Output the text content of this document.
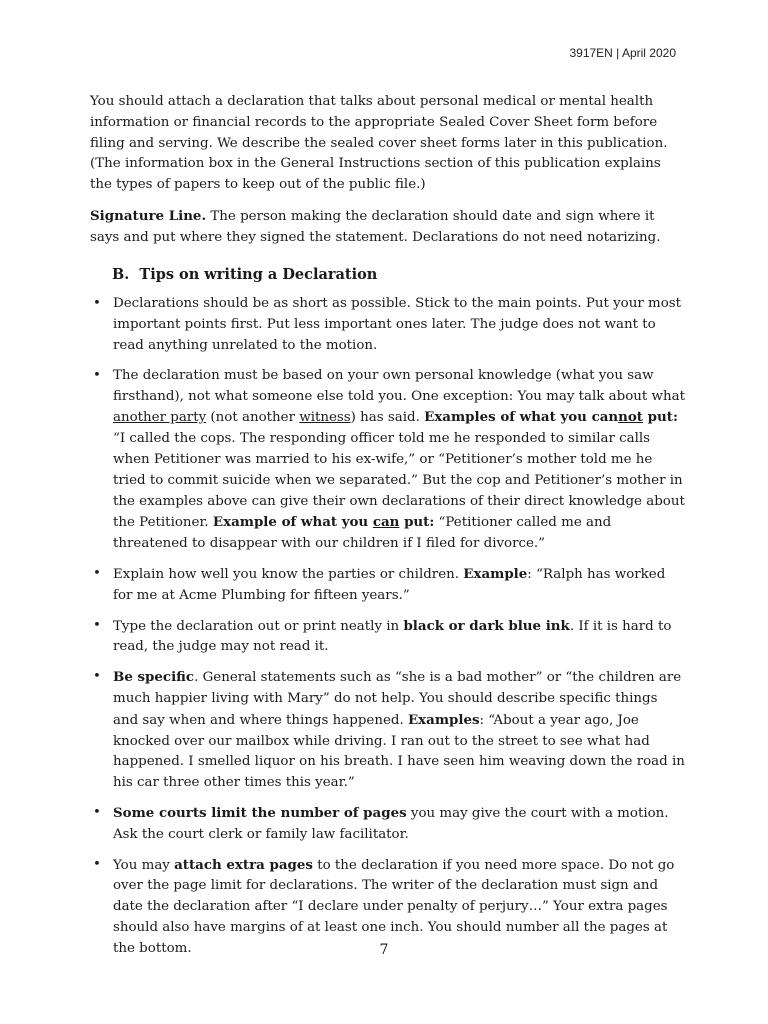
3917EN | April 2020

You should attach a declaration that talks about personal medical or mental health information or financial records to the appropriate Sealed Cover Sheet form before filing and serving. We describe the sealed cover sheet forms later in this publication. (The information box in the General Instructions section of this publication explains the types of papers to keep out of the public file.)

Signature Line. The person making the declaration should date and sign where it says and put where they signed the statement. Declarations do not need notarizing.

B.  Tips on writing a Declaration
• Declarations should be as short as possible. Stick to the main points. Put your most important points first. Put less important ones later. The judge does not want to read anything unrelated to the motion.
• The declaration must be based on your own personal knowledge (what you saw firsthand), not what someone else told you. One exception: You may talk about what another party (not another witness) has said. Examples of what you cannot put: “I called the cops. The responding officer told me he responded to similar calls when Petitioner was married to his ex-wife,” or “Petitioner’s mother told me he tried to commit suicide when we separated.” But the cop and Petitioner’s mother in the examples above can give their own declarations of their direct knowledge about the Petitioner. Example of what you can put: “Petitioner called me and threatened to disappear with our children if I filed for divorce.”
• Explain how well you know the parties or children. Example: “Ralph has worked for me at Acme Plumbing for fifteen years.”
• Type the declaration out or print neatly in black or dark blue ink. If it is hard to read, the judge may not read it.
• Be specific. General statements such as “she is a bad mother” or “the children are much happier living with Mary” do not help. You should describe specific things and say when and where things happened. Examples: “About a year ago, Joe knocked over our mailbox while driving. I ran out to the street to see what had happened. I smelled liquor on his breath. I have seen him weaving down the road in his car three other times this year.”
• Some courts limit the number of pages you may give the court with a motion. Ask the court clerk or family law facilitator.
• You may attach extra pages to the declaration if you need more space. Do not go over the page limit for declarations. The writer of the declaration must sign and date the declaration after “I declare under penalty of perjury…” Your extra pages should also have margins of at least one inch. You should number all the pages at the bottom.	7
